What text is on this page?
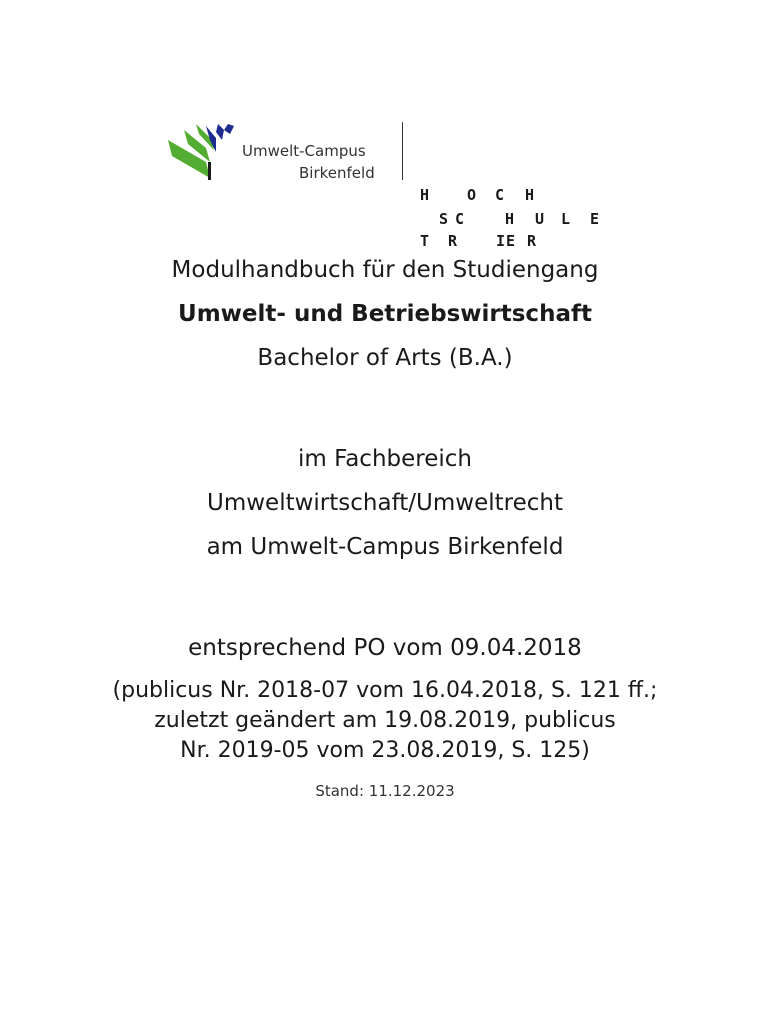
Umwelt-Campus
Birkenfeld
H	O C H
S C	H U L E
T R	I E R
Modulhandbuch für den Studiengang
Umwelt- und Betriebswirtschaft
Bachelor of Arts (B.A.)
im Fachbereich
Umweltwirtschaft/Umweltrecht
am Umwelt-Campus Birkenfeld
entsprechend PO vom 09.04.2018
(publicus Nr. 2018-07 vom 16.04.2018, S. 121 ff.;
zuletzt geändert am 19.08.2019, publicus
Nr. 2019-05 vom 23.08.2019, S. 125)
Stand: 11.12.2023
